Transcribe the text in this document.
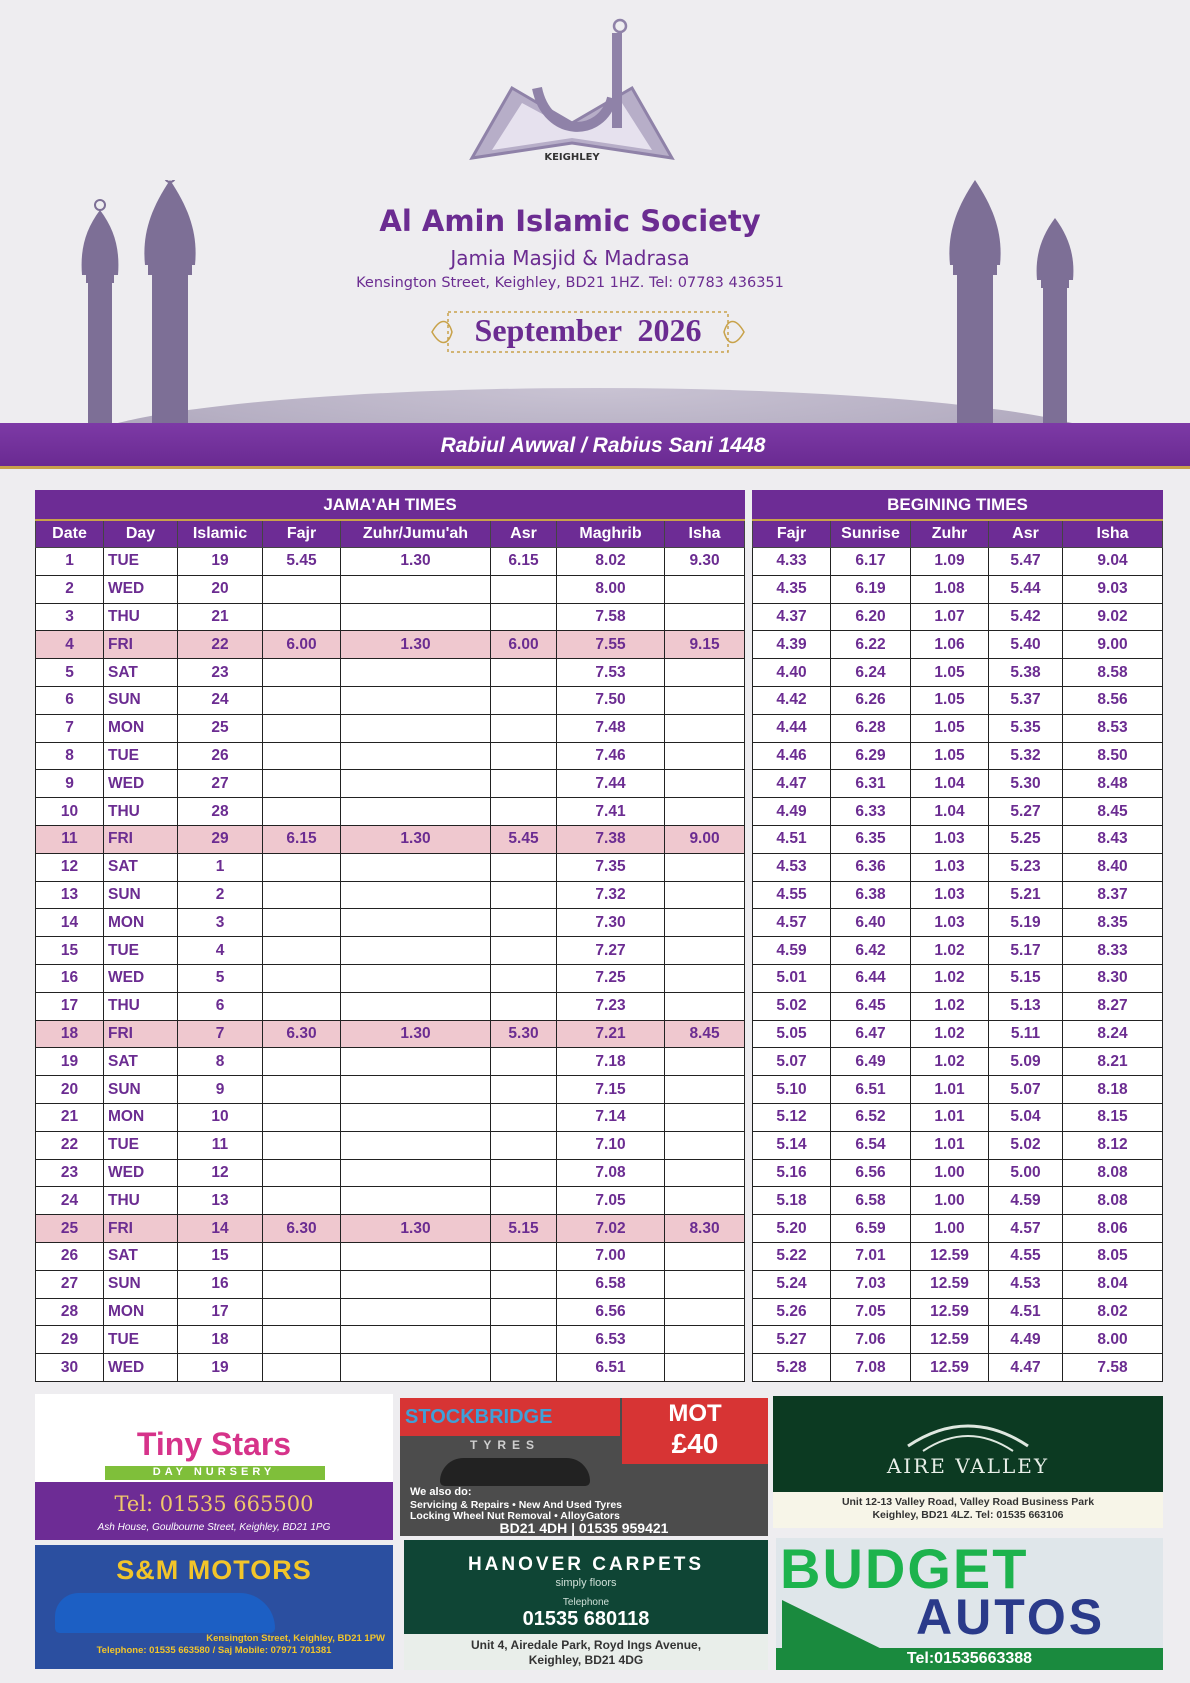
KEIGHLEY
Al Amin Islamic Society
Jamia Masjid & Madrasa
Kensington Street, Keighley, BD21 1HZ. Tel: 07783 436351
September  2026
Rabiul Awwal / Rabius Sani 1448
JAMA'AH TIMES							
Date	Day	Islamic	Fajr	Zuhr/Jumu'ah	Asr	Maghrib	Isha
1	TUE	19	5.45	1.30	6.15	8.02	9.30
2	WED	20				8.00	
3	THU	21				7.58	
4	FRI	22	6.00	1.30	6.00	7.55	9.15
5	SAT	23				7.53	
6	SUN	24				7.50	
7	MON	25				7.48	
8	TUE	26				7.46	
9	WED	27				7.44	
10	THU	28				7.41	
11	FRI	29	6.15	1.30	5.45	7.38	9.00
12	SAT	1				7.35	
13	SUN	2				7.32	
14	MON	3				7.30	
15	TUE	4				7.27	
16	WED	5				7.25	
17	THU	6				7.23	
18	FRI	7	6.30	1.30	5.30	7.21	8.45
19	SAT	8				7.18	
20	SUN	9				7.15	
21	MON	10				7.14	
22	TUE	11				7.10	
23	WED	12				7.08	
24	THU	13				7.05	
25	FRI	14	6.30	1.30	5.15	7.02	8.30
26	SAT	15				7.00	
27	SUN	16				6.58	
28	MON	17				6.56	
29	TUE	18				6.53	
30	WED	19				6.51	
BEGINING TIMES				
Fajr	Sunrise	Zuhr	Asr	Isha
4.33	6.17	1.09	5.47	9.04
4.35	6.19	1.08	5.44	9.03
4.37	6.20	1.07	5.42	9.02
4.39	6.22	1.06	5.40	9.00
4.40	6.24	1.05	5.38	8.58
4.42	6.26	1.05	5.37	8.56
4.44	6.28	1.05	5.35	8.53
4.46	6.29	1.05	5.32	8.50
4.47	6.31	1.04	5.30	8.48
4.49	6.33	1.04	5.27	8.45
4.51	6.35	1.03	5.25	8.43
4.53	6.36	1.03	5.23	8.40
4.55	6.38	1.03	5.21	8.37
4.57	6.40	1.03	5.19	8.35
4.59	6.42	1.02	5.17	8.33
5.01	6.44	1.02	5.15	8.30
5.02	6.45	1.02	5.13	8.27
5.05	6.47	1.02	5.11	8.24
5.07	6.49	1.02	5.09	8.21
5.10	6.51	1.01	5.07	8.18
5.12	6.52	1.01	5.04	8.15
5.14	6.54	1.01	5.02	8.12
5.16	6.56	1.00	5.00	8.08
5.18	6.58	1.00	4.59	8.08
5.20	6.59	1.00	4.57	8.06
5.22	7.01	12.59	4.55	8.05
5.24	7.03	12.59	4.53	8.04
5.26	7.05	12.59	4.51	8.02
5.27	7.06	12.59	4.49	8.00
5.28	7.08	12.59	4.47	7.58
Tiny Stars
DAY NURSERY
Tel: 01535 665500
Ash House, Goulbourne Street, Keighley, BD21 1PG
STOCKBRIDGE
TYRES
MOT
£40
We also do:
Servicing & Repairs • New And Used Tyres
Locking Wheel Nut Removal • AlloyGators
BD21 4DH | 01535 959421
AIRE VALLEY
Unit 12-13 Valley Road, Valley Road Business Park
Keighley, BD21 4LZ. Tel: 01535 663106
S&M MOTORS
Kensington Street, Keighley, BD21 1PW
Telephone: 01535 663580 / Saj Mobile: 07971 701381
HANOVER CARPETS
simply floors
Telephone
01535 680118
Unit 4, Airedale Park, Royd Ings Avenue,
Keighley, BD21 4DG
BUDGET
AUTOS
Tel:01535663388
